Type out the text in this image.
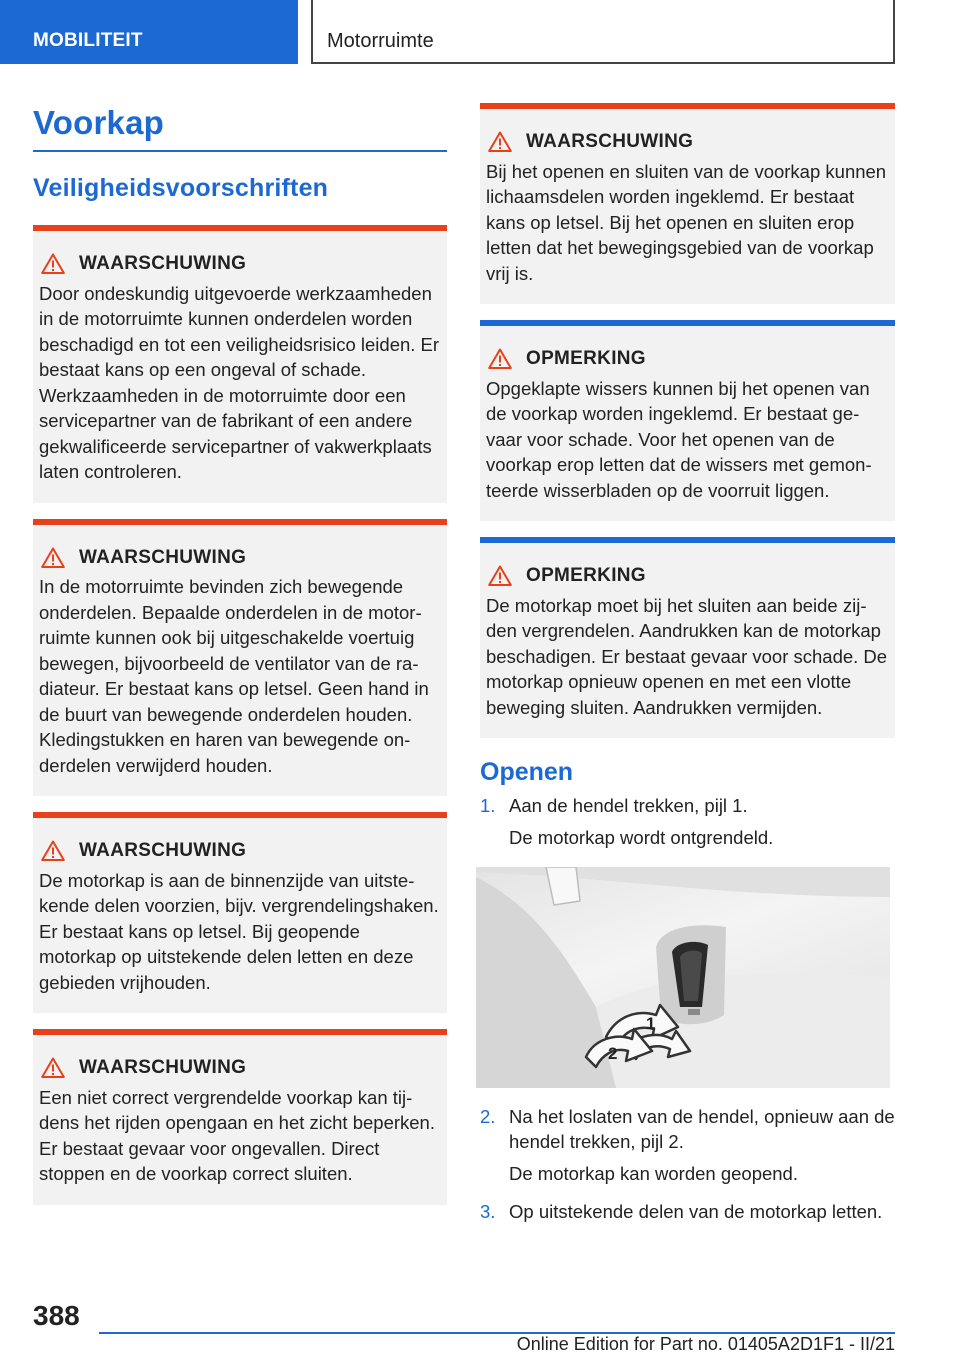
MOBILITEIT	Motorruimte
Voorkap
Veiligheidsvoorschriften
WAARSCHUWING

Door ondeskundig uitgevoerde werkzaamheden in de motorruimte kunnen onderdelen worden beschadigd en tot een veiligheidsrisico leiden. Er bestaat kans op een ongeval of schade. Werkzaamheden in de motorruimte door een servicepartner van de fabrikant of een andere gekwalificeerde servicepartner of vakwerkplaats laten controleren.

WAARSCHUWING

In de motorruimte bevinden zich bewegende onderdelen. Bepaalde onderdelen in de motorruimte kunnen ook bij uitgeschakelde voertuig bewegen, bijvoorbeeld de ventilator van de radiateur. Er bestaat kans op letsel. Geen hand in de buurt van bewegende onderdelen houden. Kledingstukken en haren van bewegende onderdelen verwijderd houden.

WAARSCHUWING

De motorkap is aan de binnenzijde van uitstekende delen voorzien, bijv. vergrendelingshaken. Er bestaat kans op letsel. Bij geopende motorkap op uitstekende delen letten en deze gebieden vrijhouden.

WAARSCHUWING

Een niet correct vergrendelde voorkap kan tijdens het rijden opengaan en het zicht beperken. Er bestaat gevaar voor ongevallen. Direct stoppen en de voorkap correct sluiten.

WAARSCHUWING

Bij het openen en sluiten van de voorkap kunnen lichaamsdelen worden ingeklemd. Er bestaat kans op letsel. Bij het openen en sluiten erop letten dat het bewegingsgebied van de voorkap vrij is.

OPMERKING

Opgeklapte wissers kunnen bij het openen van de voorkap worden ingeklemd. Er bestaat gevaar voor schade. Voor het openen van de voorkap erop letten dat de wissers met gemonteerde wisserbladen op de voorruit liggen.

OPMERKING

De motorkap moet bij het sluiten aan beide zijden vergrendelen. Aandrukken kan de motorkap beschadigen. Er bestaat gevaar voor schade. De motorkap opnieuw openen en met een vlotte beweging sluiten. Aandrukken vermijden.

Openen
1. Aan de hendel trekken, pijl 1.

De motorkap wordt ontgrendeld.

1
2
2. Na het loslaten van de hendel, opnieuw aan de hendel trekken, pijl 2.

De motorkap kan worden geopend.

3. Op uitstekende delen van de motorkap letten.

388
Online Edition for Part no. 01405A2D1F1 - II/21
